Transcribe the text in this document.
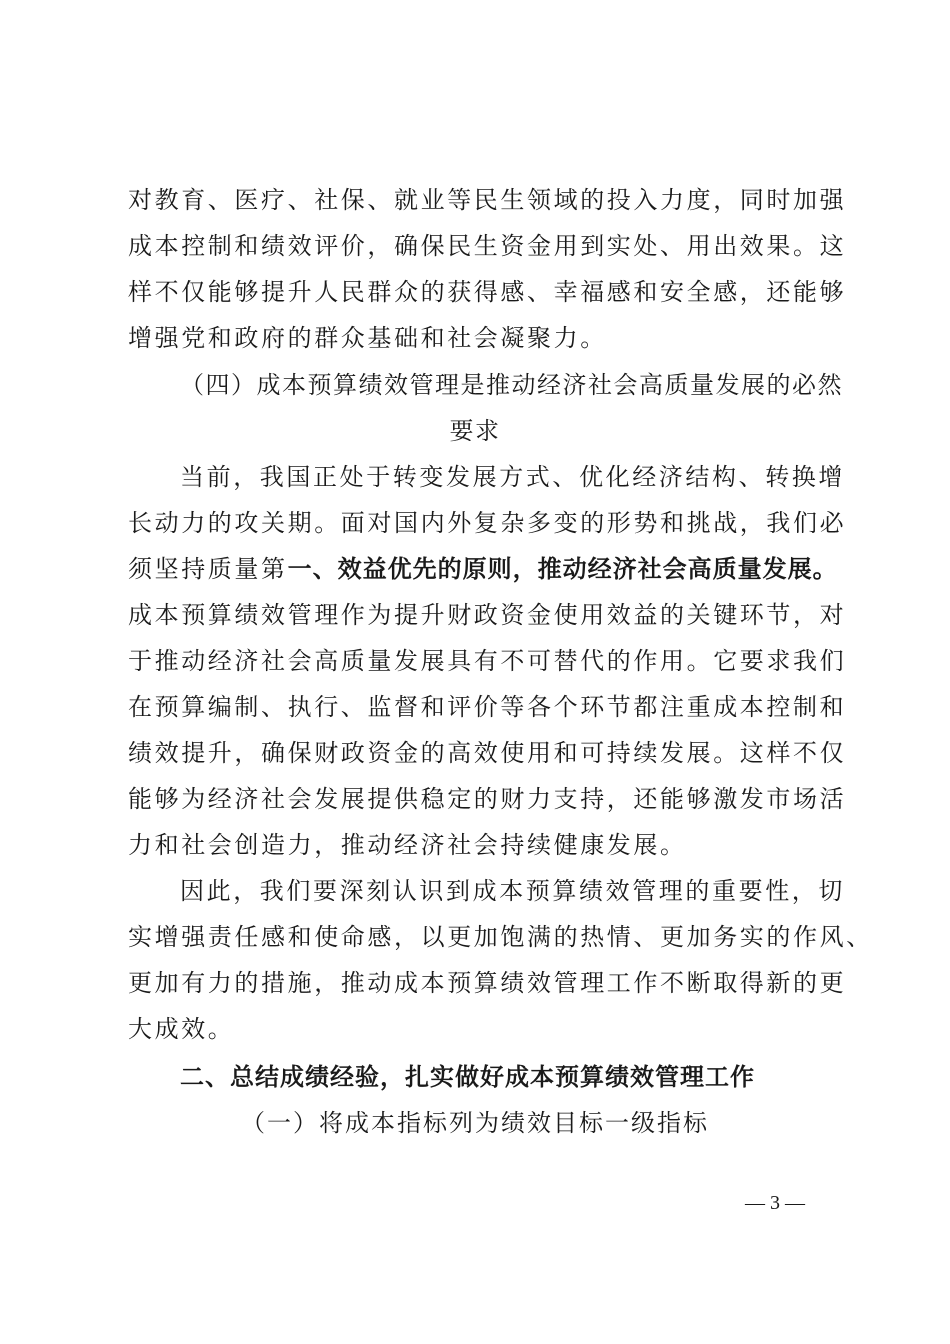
对教育、医疗、社保、就业等民生领域的投入力度，同时加强
成本控制和绩效评价，确保民生资金用到实处、用出效果。这
样不仅能够提升人民群众的获得感、幸福感和安全感，还能够
增强党和政府的群众基础和社会凝聚力。
（四）成本预算绩效管理是推动经济社会高质量发展的必然
要求
当前，我国正处于转变发展方式、优化经济结构、转换增
长动力的攻关期。面对国内外复杂多变的形势和挑战，我们必
须坚持质量第一、效益优先的原则，推动经济社会高质量发展。
成本预算绩效管理作为提升财政资金使用效益的关键环节，对
于推动经济社会高质量发展具有不可替代的作用。它要求我们
在预算编制、执行、监督和评价等各个环节都注重成本控制和
绩效提升，确保财政资金的高效使用和可持续发展。这样不仅
能够为经济社会发展提供稳定的财力支持，还能够激发市场活
力和社会创造力，推动经济社会持续健康发展。
因此，我们要深刻认识到成本预算绩效管理的重要性，切
实增强责任感和使命感，以更加饱满的热情、更加务实的作风、
更加有力的措施，推动成本预算绩效管理工作不断取得新的更
大成效。
二、总结成绩经验，扎实做好成本预算绩效管理工作
（一）将成本指标列为绩效目标一级指标
— 3 —
